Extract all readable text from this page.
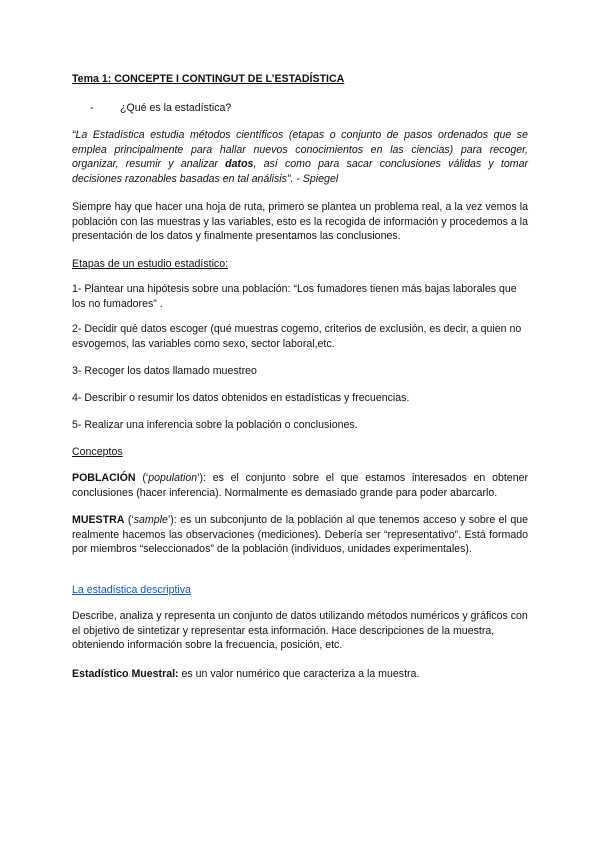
Tema 1: CONCEPTE I CONTINGUT DE L'ESTADÍSTICA
- ¿Qué es la estadística?
“La Estadística estudia métodos científicos (etapas o conjunto de pasos ordenados que se emplea principalmente para hallar nuevos conocimientos en las ciencias) para recoger, organizar, resumir y analizar datos, así como para sacar conclusiones válidas y tomar decisiones razonables basadas en tal análisis”. - Spiegel
Siempre hay que hacer una hoja de ruta, primero se plantea un problema real, a la vez vemos la población con las muestras y las variables, esto es la recogida de información y procedemos a la presentación de los datos y finalmente presentamos las conclusiones.
Etapas de un estudio estadístico:
1- Plantear una hipótesis sobre una población: “Los fumadores tienen más bajas laborales que los no fumadores” .
2- Decidir qué datos escoger (qué muestras cogemo, criterios de exclusión, es decir, a quien no esvogemos, las variables como sexo, sector laboral,etc.
3- Recoger los datos llamado muestreo
4- Describir o resumir los datos obtenidos en estadísticas y frecuencias.
5- Realizar una inferencia sobre la población o conclusiones.
Conceptos
POBLACIÓN (‘population’): es el conjunto sobre el que estamos interesados en obtener conclusiones (hacer inferencia). Normalmente es demasiado grande para poder abarcarlo.
MUESTRA (‘sample’): es un subconjunto de la población al que tenemos acceso y sobre el que realmente hacemos las observaciones (mediciones). Debería ser “representativo”. Está formado por miembros “seleccionados” de la población (individuos, unidades experimentales).
La estadística descriptiva
Describe, analiza y representa un conjunto de datos utilizando métodos numéricos y gráficos con el objetivo de sintetizar y representar esta información. Hace descripciones de la muestra, obteniendo información sobre la frecuencia, posición, etc.
Estadístico Muestral: es un valor numérico que caracteriza a la muestra.
